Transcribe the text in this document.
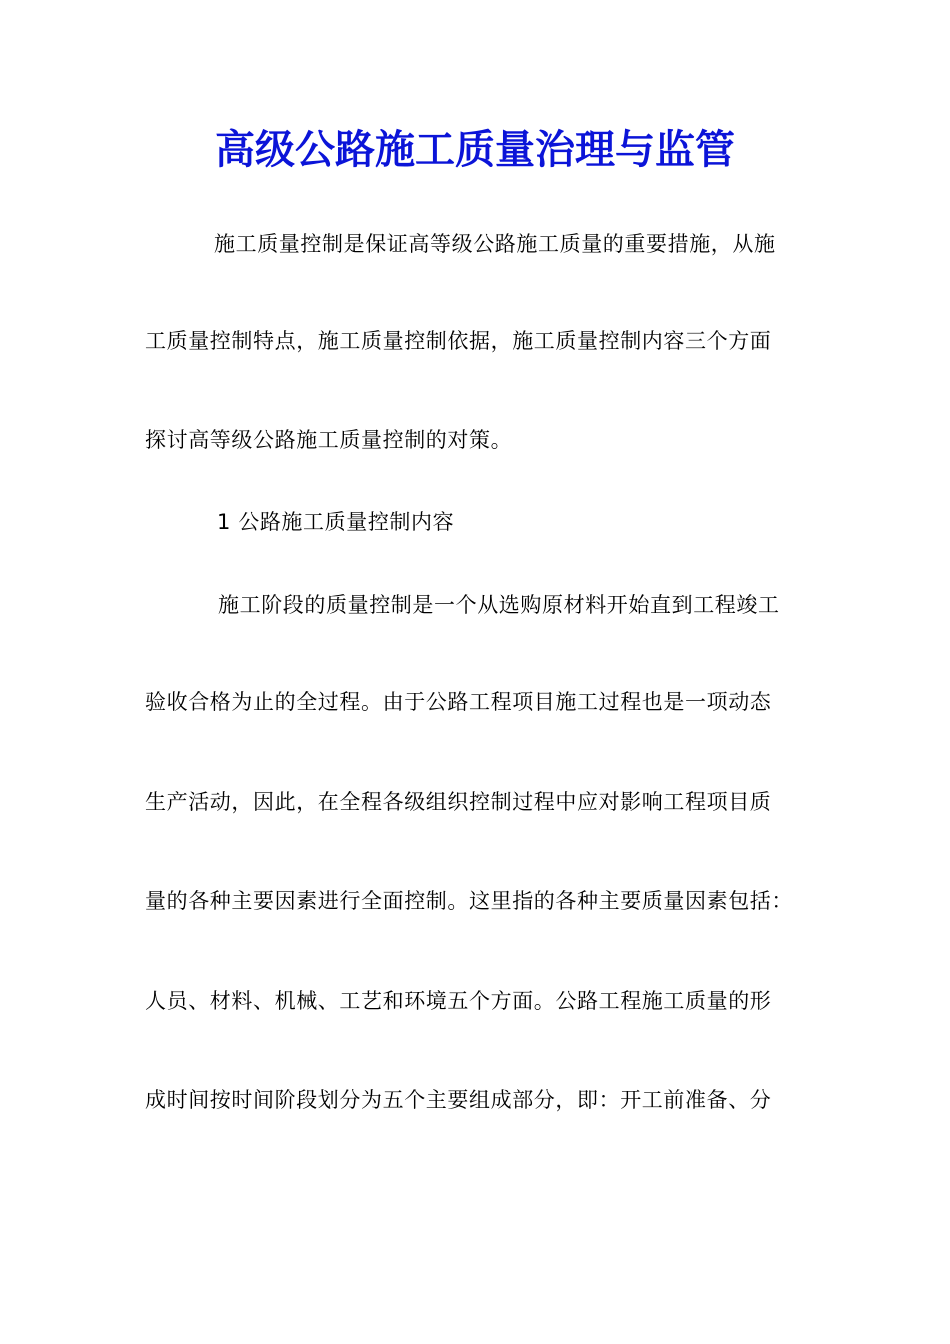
高级公路施工质量治理与监管

施工质量控制是保证高等级公路施工质量的重要措施，从施

工质量控制特点，施工质量控制依据，施工质量控制内容三个方面

探讨高等级公路施工质量控制的对策。

1 公路施工质量控制内容

施工阶段的质量控制是一个从选购原材料开始直到工程竣工

验收合格为止的全过程。由于公路工程项目施工过程也是一项动态

生产活动，因此，在全程各级组织控制过程中应对影响工程项目质

量的各种主要因素进行全面控制。这里指的各种主要质量因素包括：

人员、材料、机械、工艺和环境五个方面。公路工程施工质量的形

成时间按时间阶段划分为五个主要组成部分，即：开工前准备、分
